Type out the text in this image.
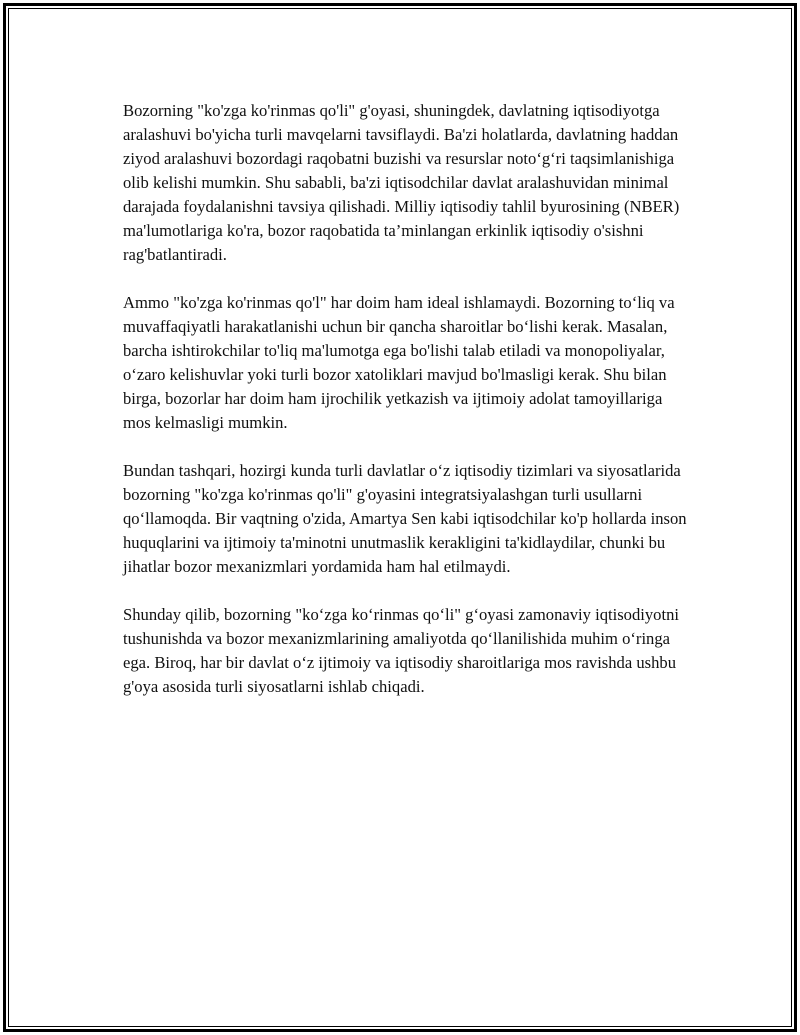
Bozorning "ko'zga ko'rinmas qo'li" g'oyasi, shuningdek, davlatning iqtisodiyotga aralashuvi bo'yicha turli mavqelarni tavsiflaydi. Ba'zi holatlarda, davlatning haddan ziyod aralashuvi bozordagi raqobatni buzishi va resurslar noto‘g‘ri taqsimlanishiga olib kelishi mumkin. Shu sababli, ba'zi iqtisodchilar davlat aralashuvidan minimal darajada foydalanishni tavsiya qilishadi. Milliy iqtisodiy tahlil byurosining (NBER) ma'lumotlariga ko'ra, bozor raqobatida ta’minlangan erkinlik iqtisodiy o'sishni rag'batlantiradi.

Ammo "ko'zga ko'rinmas qo'l" har doim ham ideal ishlamaydi. Bozorning to‘liq va muvaffaqiyatli harakatlanishi uchun bir qancha sharoitlar bo‘lishi kerak. Masalan, barcha ishtirokchilar to'liq ma'lumotga ega bo'lishi talab etiladi va monopoliyalar, o‘zaro kelishuvlar yoki turli bozor xatoliklari mavjud bo'lmasligi kerak. Shu bilan birga, bozorlar har doim ham ijrochilik yetkazish va ijtimoiy adolat tamoyillariga mos kelmasligi mumkin.

Bundan tashqari, hozirgi kunda turli davlatlar o‘z iqtisodiy tizimlari va siyosatlarida bozorning "ko'zga ko'rinmas qo'li" g'oyasini integratsiyalashgan turli usullarni qo‘llamoqda. Bir vaqtning o'zida, Amartya Sen kabi iqtisodchilar ko'p hollarda inson huquqlarini va ijtimoiy ta'minotni unutmaslik kerakligini ta'kidlaydilar, chunki bu jihatlar bozor mexanizmlari yordamida ham hal etilmaydi.

Shunday qilib, bozorning "ko‘zga ko‘rinmas qo‘li" g‘oyasi zamonaviy iqtisodiyotni tushunishda va bozor mexanizmlarining amaliyotda qo‘llanilishida muhim o‘ringa ega. Biroq, har bir davlat o‘z ijtimoiy va iqtisodiy sharoitlariga mos ravishda ushbu g'oya asosida turli siyosatlarni ishlab chiqadi.
